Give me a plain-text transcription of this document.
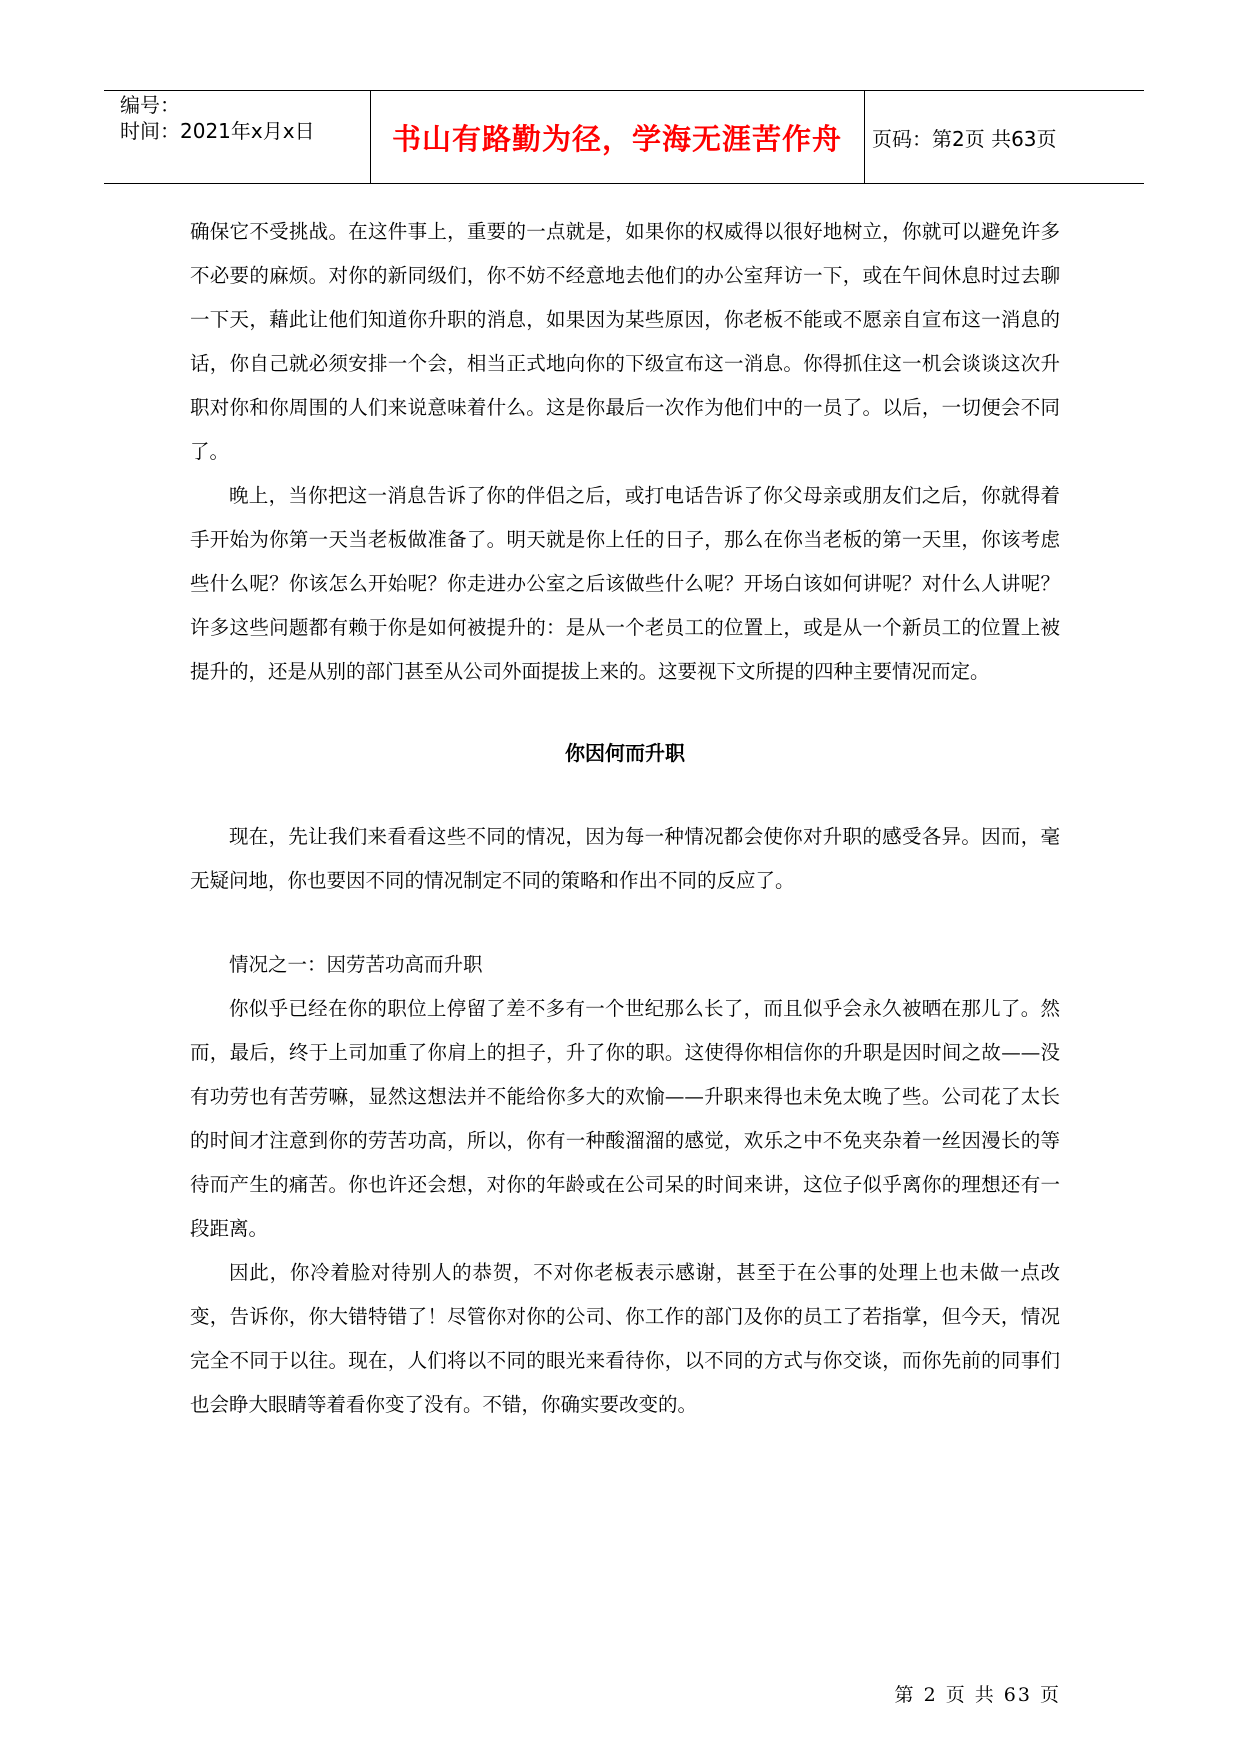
编号：
时间：2021年x月x日	书山有路勤为径，学海无涯苦作舟	页码：第2页 共63页

确保它不受挑战。在这件事上，重要的一点就是，如果你的权威得以很好地树立，你就可以避免许多不必要的麻烦。对你的新同级们，你不妨不经意地去他们的办公室拜访一下，或在午间休息时过去聊一下天，藉此让他们知道你升职的消息，如果因为某些原因，你老板不能或不愿亲自宣布这一消息的话，你自己就必须安排一个会，相当正式地向你的下级宣布这一消息。你得抓住这一机会谈谈这次升职对你和你周围的人们来说意味着什么。这是你最后一次作为他们中的一员了。以后，一切便会不同了。

晚上，当你把这一消息告诉了你的伴侣之后，或打电话告诉了你父母亲或朋友们之后，你就得着手开始为你第一天当老板做准备了。明天就是你上任的日子，那么在你当老板的第一天里，你该考虑些什么呢？你该怎么开始呢？你走进办公室之后该做些什么呢？开场白该如何讲呢？对什么人讲呢？许多这些问题都有赖于你是如何被提升的：是从一个老员工的位置上，或是从一个新员工的位置上被提升的，还是从别的部门甚至从公司外面提拔上来的。这要视下文所提的四种主要情况而定。

你因何而升职

现在，先让我们来看看这些不同的情况，因为每一种情况都会使你对升职的感受各异。因而，毫无疑问地，你也要因不同的情况制定不同的策略和作出不同的反应了。

情况之一：因劳苦功高而升职

你似乎已经在你的职位上停留了差不多有一个世纪那么长了，而且似乎会永久被晒在那儿了。然而，最后，终于上司加重了你肩上的担子，升了你的职。这使得你相信你的升职是因时间之故——没有功劳也有苦劳嘛，显然这想法并不能给你多大的欢愉——升职来得也未免太晚了些。公司花了太长的时间才注意到你的劳苦功高，所以，你有一种酸溜溜的感觉，欢乐之中不免夹杂着一丝因漫长的等待而产生的痛苦。你也许还会想，对你的年龄或在公司呆的时间来讲，这位子似乎离你的理想还有一段距离。

因此，你冷着脸对待别人的恭贺，不对你老板表示感谢，甚至于在公事的处理上也未做一点改变，告诉你，你大错特错了！尽管你对你的公司、你工作的部门及你的员工了若指掌，但今天，情况完全不同于以往。现在，人们将以不同的眼光来看待你，以不同的方式与你交谈，而你先前的同事们也会睁大眼睛等着看你变了没有。不错，你确实要改变的。

第 2 页 共 63 页
